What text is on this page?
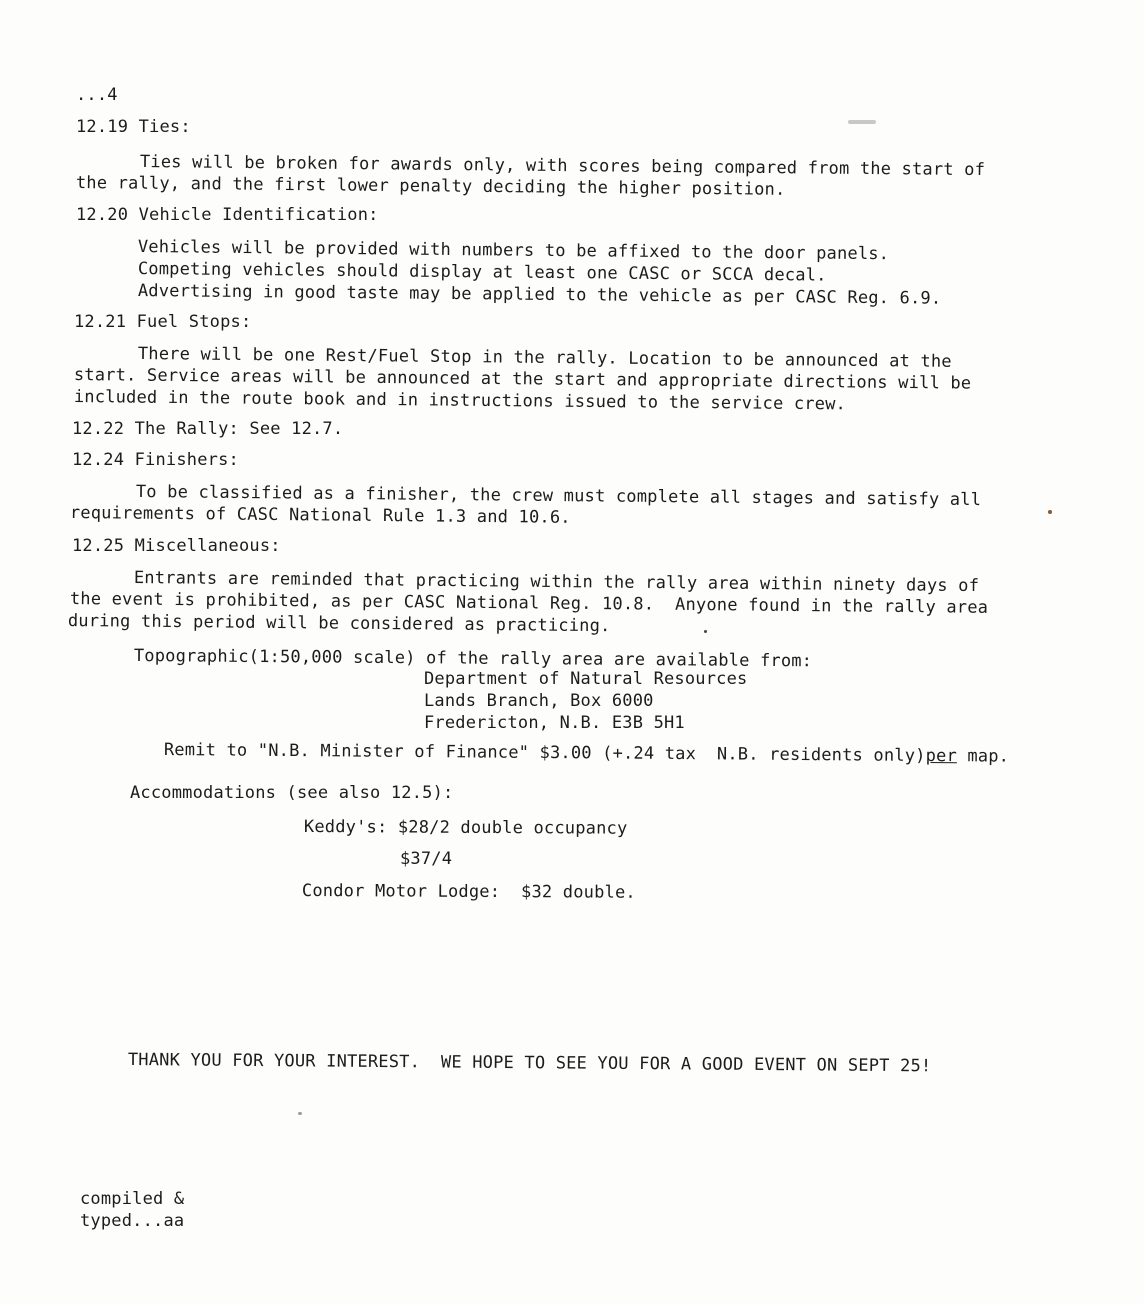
...4
12.19 Ties:
Ties will be broken for awards only, with scores being compared from the start of
the rally, and the first lower penalty deciding the higher position.
12.20 Vehicle Identification:
Vehicles will be provided with numbers to be affixed to the door panels.
Competing vehicles should display at least one CASC or SCCA decal.
Advertising in good taste may be applied to the vehicle as per CASC Reg. 6.9.
12.21 Fuel Stops:
There will be one Rest/Fuel Stop in the rally. Location to be announced at the
start. Service areas will be announced at the start and appropriate directions will be
included in the route book and in instructions issued to the service crew.
12.22 The Rally: See 12.7.
12.24 Finishers:
To be classified as a finisher, the crew must complete all stages and satisfy all
requirements of CASC National Rule 1.3 and 10.6.
12.25 Miscellaneous:
Entrants are reminded that practicing within the rally area within ninety days of
the event is prohibited, as per CASC National Reg. 10.8.  Anyone found in the rally area
during this period will be considered as practicing.
Topographic(1:50,000 scale) of the rally area are available from:
Department of Natural Resources
Lands Branch, Box 6000
Fredericton, N.B. E3B 5H1
Remit to "N.B. Minister of Finance" $3.00 (+.24 tax  N.B. residents only)per map.
Accommodations (see also 12.5):
Keddy's: $28/2 double occupancy
$37/4
Condor Motor Lodge:  $32 double.
THANK YOU FOR YOUR INTEREST.  WE HOPE TO SEE YOU FOR A GOOD EVENT ON SEPT 25!
compiled &
typed...aa
